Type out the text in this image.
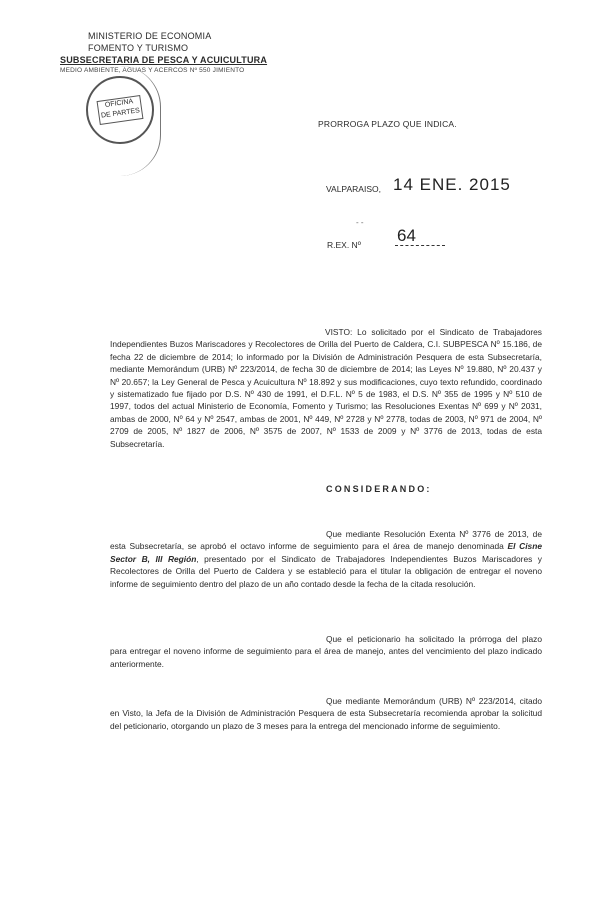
MINISTERIO DE ECONOMIA
FOMENTO Y TURISMO
SUBSECRETARIA DE PESCA Y ACUICULTURA
MEDIO AMBIENTE, AGUAS Y ACERCOS Nº 550 JIMIENTO
OFICINA
DE PARTES
PRORROGA PLAZO QUE INDICA.
VALPARAISO, 14 ENE. 2015
- -
R.EX. Nº 64
VISTO: Lo solicitado por el Sindicato de Trabajadores Independientes Buzos Mariscadores y Recolectores de Orilla del Puerto de Caldera, C.I. SUBPESCA Nº 15.186, de fecha 22 de diciembre de 2014; lo informado por la División de Administración Pesquera de esta Subsecretaría, mediante Memorándum (URB) Nº 223/2014, de fecha 30 de diciembre de 2014; las Leyes Nº 19.880, Nº 20.437 y Nº 20.657; la Ley General de Pesca y Acuicultura Nº 18.892 y sus modificaciones, cuyo texto refundido, coordinado y sistematizado fue fijado por D.S. Nº 430 de 1991, el D.F.L. Nº 5 de 1983, el D.S. Nº 355 de 1995 y Nº 510 de 1997, todos del actual Ministerio de Economía, Fomento y Turismo; las Resoluciones Exentas Nº 699 y Nº 2031, ambas de 2000, Nº 64 y Nº 2547, ambas de 2001, Nº 449, Nº 2728 y Nº 2778, todas de 2003, Nº 971 de 2004, Nº 2709 de 2005, Nº 1827 de 2006, Nº 3575 de 2007, Nº 1533 de 2009 y Nº 3776 de 2013, todas de esta Subsecretaría.
CONSIDERANDO:
Que mediante Resolución Exenta Nº 3776 de 2013, de esta Subsecretaría, se aprobó el octavo informe de seguimiento para el área de manejo denominada El Cisne Sector B, III Región, presentado por el Sindicato de Trabajadores Independientes Buzos Mariscadores y Recolectores de Orilla del Puerto de Caldera y se estableció para el titular la obligación de entregar el noveno informe de seguimiento dentro del plazo de un año contado desde la fecha de la citada resolución.
Que el peticionario ha solicitado la prórroga del plazo para entregar el noveno informe de seguimiento para el área de manejo, antes del vencimiento del plazo indicado anteriormente.
Que mediante Memorándum (URB) Nº 223/2014, citado en Visto, la Jefa de la División de Administración Pesquera de esta Subsecretaría recomienda aprobar la solicitud del peticionario, otorgando un plazo de 3 meses para la entrega del mencionado informe de seguimiento.
